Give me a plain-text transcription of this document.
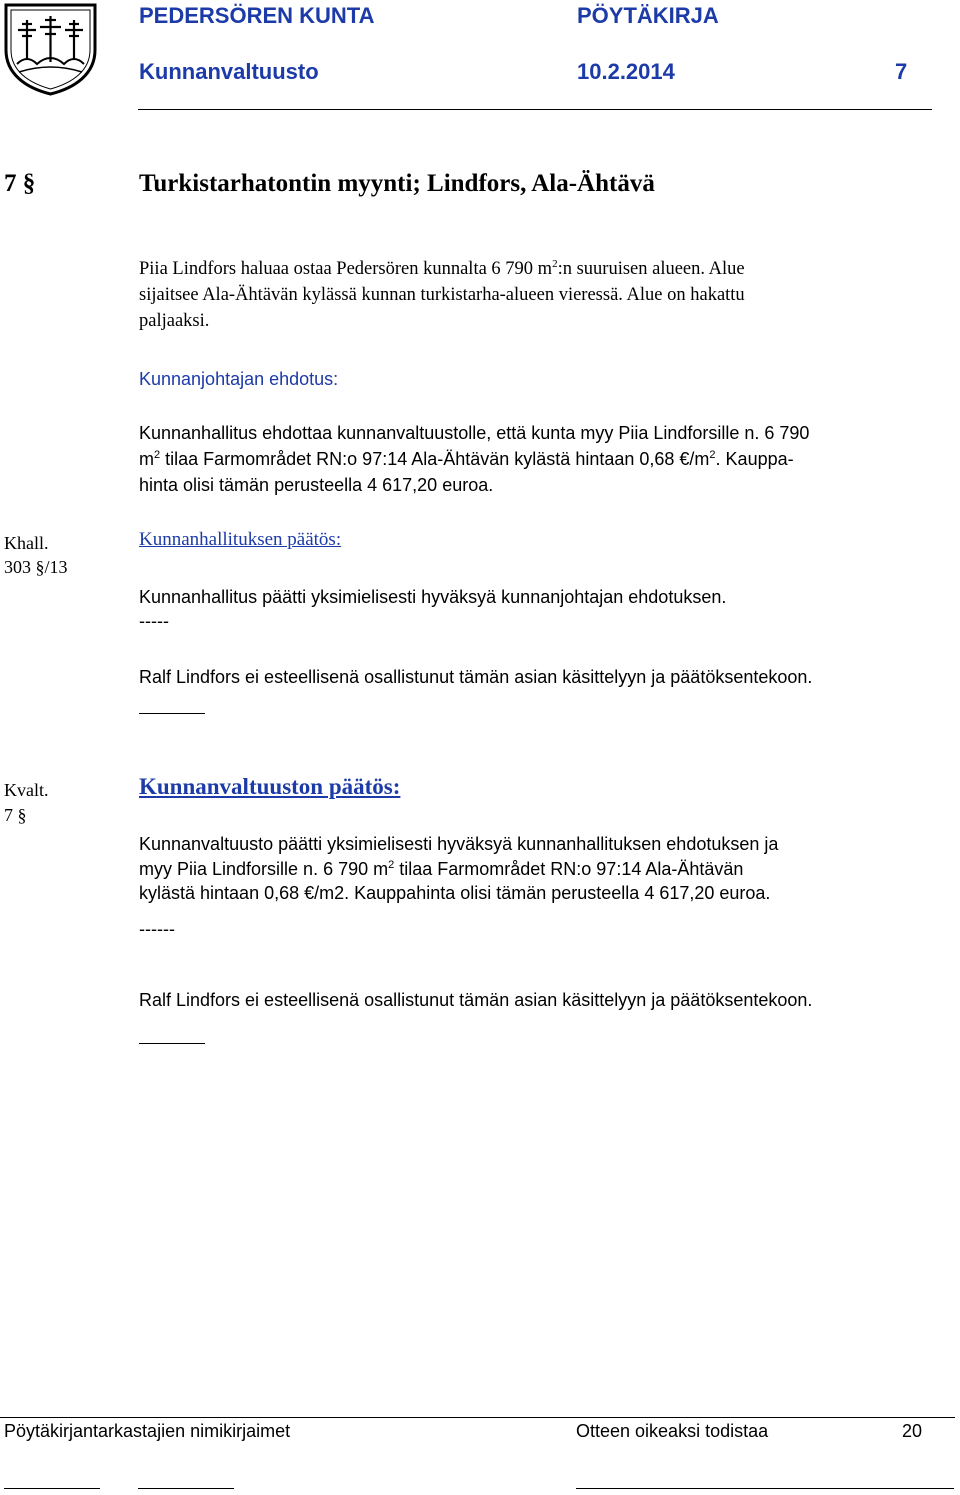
PEDERSÖREN KUNTA	PÖYTÄKIRJA
Kunnanvaltuusto	10.2.2014	7
7 §	Turkistarhatontin myynti; Lindfors, Ala-Ähtävä
Piia Lindfors haluaa ostaa Pedersören kunnalta 6 790 $m^2:n$ suuruisen alueen. Alue
sijaitsee Ala-Ähtävän kylässä kunnan turkistarha-alueen vieressä. Alue on hakattu
paljaaksi.
Kunnanjohtajan ehdotus:
Kunnanhallitus ehdottaa kunnanvaltuustolle, että kunta myy Piia Lindforsille n. 6 790
$m^2$ tilaa Farmområdet RN:o 97:14 Ala-Ähtävän kylästä hintaan 0,68 $€/m^2$. Kauppa-
hinta olisi tämän perusteella 4 617,20 euroa.
Khall.
303 §/13
Kunnanhallituksen päätös:
Kunnanhallitus päätti yksimielisesti hyväksyä kunnanjohtajan ehdotuksen.
-----
Ralf Lindfors ei esteellisenä osallistunut tämän asian käsittelyyn ja päätöksentekoon.
Kvalt.
7 §
Kunnanvaltuuston päätös:
Kunnanvaltuusto päätti yksimielisesti hyväksyä kunnanhallituksen ehdotuksen ja
myy Piia Lindforsille n. 6 790 $m^2$ tilaa Farmområdet RN:o 97:14 Ala-Ähtävän
kylästä hintaan 0,68 €/m2. Kauppahinta olisi tämän perusteella 4 617,20 euroa.
------
Ralf Lindfors ei esteellisenä osallistunut tämän asian käsittelyyn ja päätöksentekoon.
Pöytäkirjantarkastajien nimikirjaimet	Otteen oikeaksi todistaa	20
